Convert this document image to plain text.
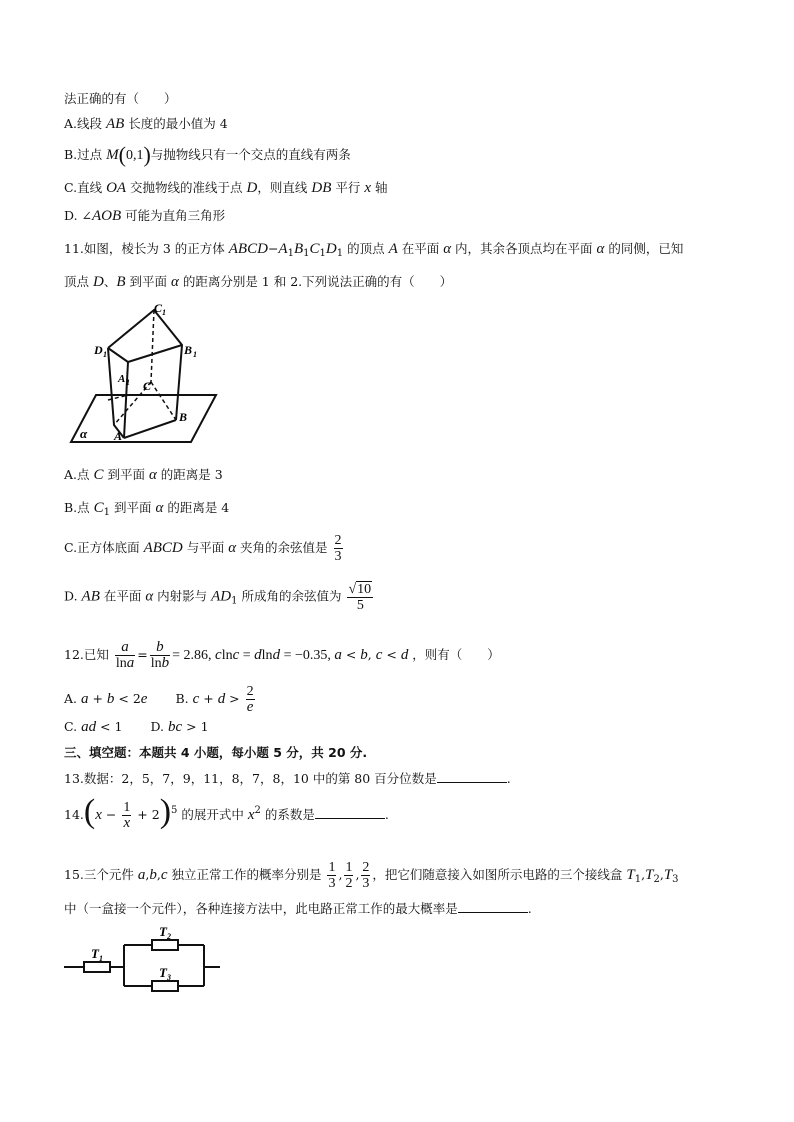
法正确的有（　　）
A.线段 AB 长度的最小值为 4
B.过点 M(0,1)与抛物线只有一个交点的直线有两条
C.直线 OA 交抛物线的准线于点 D，则直线 DB 平行 x 轴
D. ∠AOB 可能为直角三角形
11.如图，棱长为 3 的正方体 $ABCD-A_1B_1C_1D_1$ 的顶点 A 在平面 α 内，其余各顶点均在平面 α 的同侧，已知
顶点 D、B 到平面 α 的距离分别是 1 和 2.下列说法正确的有（　　）
C 1
D 1	B 1
A 1 C
B
A
α
A.点 C 到平面 α 的距离是 3
B.点 $C_1$ 到平面 α 的距离是 4
C.正方体底面 ABCD 与平面 α 夹角的余弦值是 $\frac{2}{3}$
D. AB 在平面 α 内射影与 $AD_1$ 所成角的余弦值为 $\frac{√10}{5}$
12.已知 $\frac{a}{\ln a} = \frac{b}{\ln b} = 2.86$, clnc = dlnd = −0.35, a < b, c < d ，则有（　　）
A. a + b < 2e B. $c + d > \frac{2}{e}$
C. ad < 1 D. bc > 1
三、填空题：本题共 4 小题，每小题 5 分，共 20 分.
13.数据：2，5，7，9，11，8，7，8，10 中的第 80 百分位数是	.
$14.(x - \frac{1}{x} + 2)^5$ 的展开式中 $x^2$ 的系数是	.
15.三个元件 a,b,c 独立正常工作的概率分别是 $\frac{1}{3}$ , $\frac{1}{2}$ , $\frac{2}{3}$ ，把它们随意接入如图所示电路的三个接线盒 $T_1,T_2,T_3$
中（一盒接一个元件），各种连接方法中，此电路正常工作的最大概率是	.
T 1
T 2
T 3
